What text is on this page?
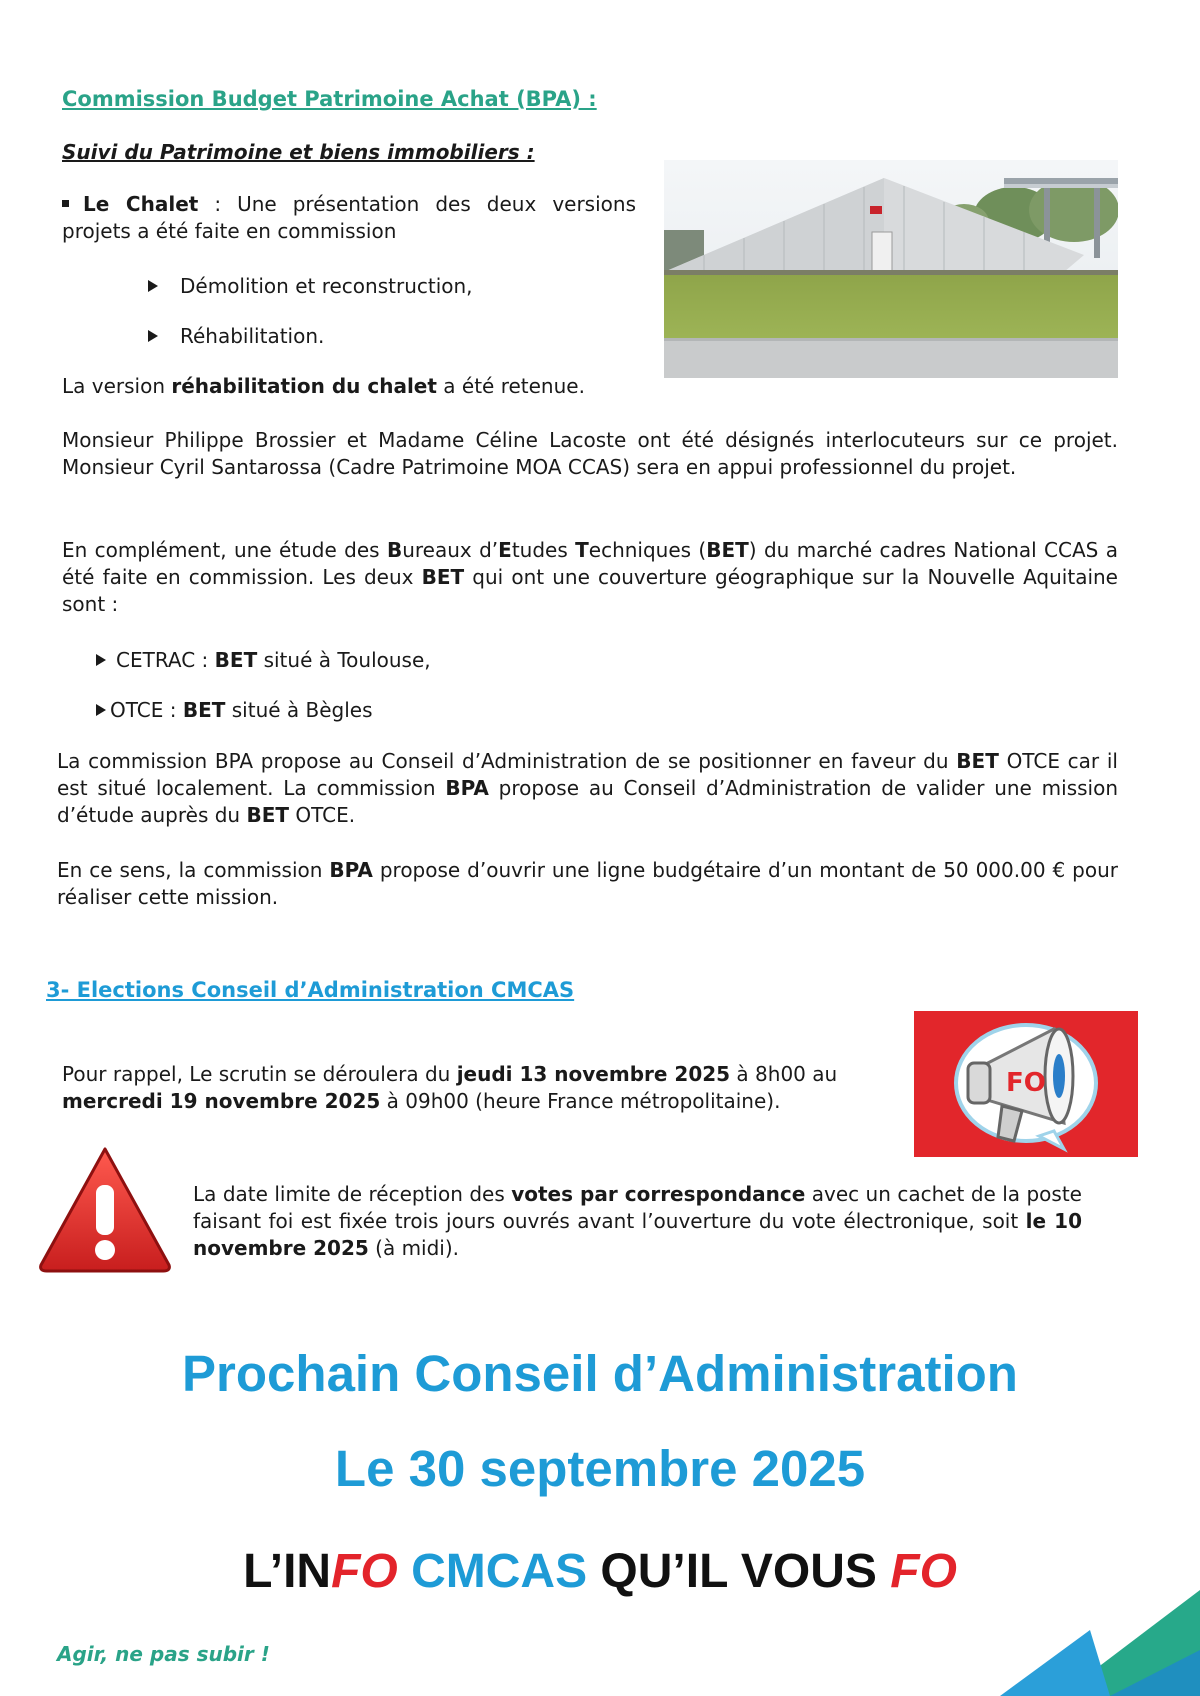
Commission Budget Patrimoine Achat (BPA) :
Suivi du Patrimoine et biens immobiliers :
Le Chalet : Une présentation des deux versions
projets a été faite en commission
Démolition et reconstruction,
Réhabilitation.
La version réhabilitation du chalet a été retenue.
Monsieur Philippe Brossier et Madame Céline Lacoste ont été désignés interlocuteurs sur ce projet. Monsieur Cyril Santarossa (Cadre Patrimoine MOA CCAS) sera en appui professionnel du projet.
En complément, une étude des Bureaux d’Etudes Techniques (BET) du marché cadres National CCAS a été faite en commission. Les deux BET qui ont une couverture géographique sur la Nouvelle Aquitaine sont :
CETRAC : BET situé à Toulouse,
OTCE : BET situé à Bègles
La commission BPA propose au Conseil d’Administration de se positionner en faveur du BET OTCE car il est situé localement. La commission BPA propose au Conseil d’Administration de valider une mission d’étude auprès du BET OTCE.
En ce sens, la commission BPA propose d’ouvrir une ligne budgétaire d’un montant de 50 000.00 € pour réaliser cette mission.
3- Elections Conseil d’Administration CMCAS
Pour rappel, Le scrutin se déroulera du jeudi 13 novembre 2025 à 8h00 au mercredi 19 novembre 2025 à 09h00 (heure France métropolitaine).
FO
La date limite de réception des votes par correspondance avec un cachet de la poste faisant foi est fixée trois jours ouvrés avant l’ouverture du vote électronique, soit le 10 novembre 2025 (à midi).
Prochain Conseil d’Administration
Le 30 septembre 2025
L’INFO CMCAS QU’IL VOUS FO
Agir, ne pas subir !
